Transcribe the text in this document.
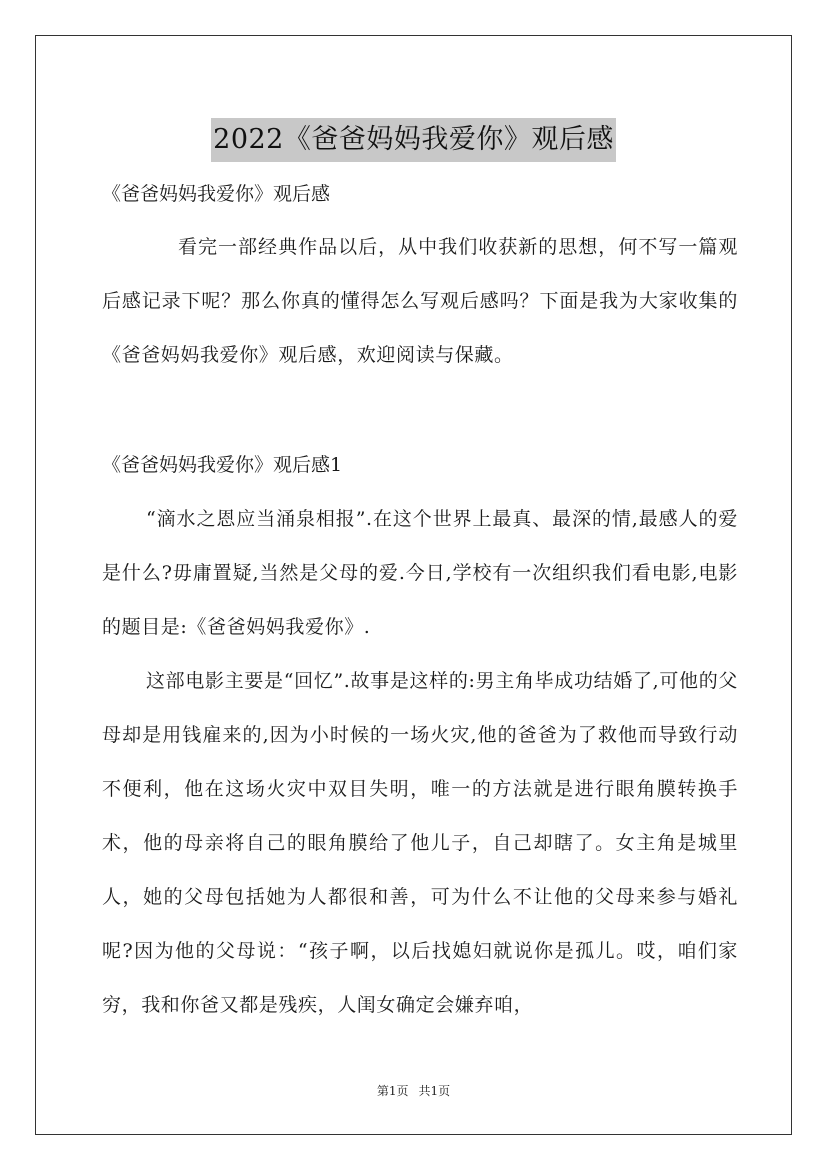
2022《爸爸妈妈我爱你》观后感
《爸爸妈妈我爱你》观后感

看完一部经典作品以后，从中我们收获新的思想，何不写一篇观后感记录下呢？那么你真的懂得怎么写观后感吗？下面是我为大家收集的《爸爸妈妈我爱你》观后感，欢迎阅读与保藏。

《爸爸妈妈我爱你》观后感1

“滴水之恩应当涌泉相报”.在这个世界上最真、最深的情,最感人的爱是什么?毋庸置疑,当然是父母的爱.今日,学校有一次组织我们看电影,电影的题目是:《爸爸妈妈我爱你》.

这部电影主要是“回忆”.故事是这样的:男主角毕成功结婚了,可他的父母却是用钱雇来的,因为小时候的一场火灾,他的爸爸为了救他而导致行动不便利，他在这场火灾中双目失明，唯一的方法就是进行眼角膜转换手术，他的母亲将自己的眼角膜给了他儿子，自己却瞎了。女主角是城里人，她的父母包括她为人都很和善，可为什么不让他的父母来参与婚礼呢?因为他的父母说：“孩子啊，以后找媳妇就说你是孤儿。哎，咱们家穷，我和你爸又都是残疾，人闺女确定会嫌弃咱，

第1页 共1页
